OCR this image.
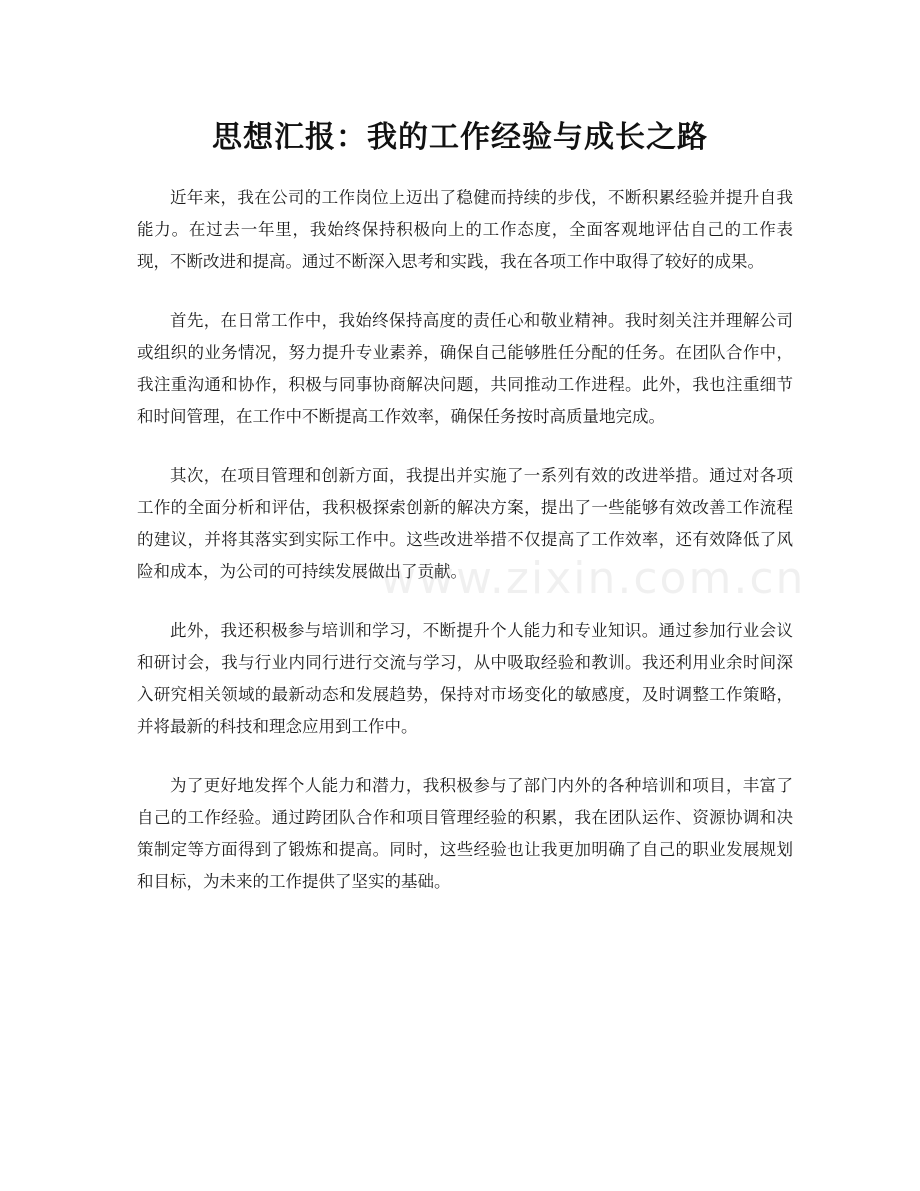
思想汇报：我的工作经验与成长之路

近年来，我在公司的工作岗位上迈出了稳健而持续的步伐，不断积累经验并提升自我能力。在过去一年里，我始终保持积极向上的工作态度，全面客观地评估自己的工作表现，不断改进和提高。通过不断深入思考和实践，我在各项工作中取得了较好的成果。

首先，在日常工作中，我始终保持高度的责任心和敬业精神。我时刻关注并理解公司或组织的业务情况，努力提升专业素养，确保自己能够胜任分配的任务。在团队合作中，我注重沟通和协作，积极与同事协商解决问题，共同推动工作进程。此外，我也注重细节和时间管理，在工作中不断提高工作效率，确保任务按时高质量地完成。

其次，在项目管理和创新方面，我提出并实施了一系列有效的改进举措。通过对各项工作的全面分析和评估，我积极探索创新的解决方案，提出了一些能够有效改善工作流程的建议，并将其落实到实际工作中。这些改进举措不仅提高了工作效率，还有效降低了风险和成本，为公司的可持续发展做出了贡献。

此外，我还积极参与培训和学习，不断提升个人能力和专业知识。通过参加行业会议和研讨会，我与行业内同行进行交流与学习，从中吸取经验和教训。我还利用业余时间深入研究相关领域的最新动态和发展趋势，保持对市场变化的敏感度，及时调整工作策略，并将最新的科技和理念应用到工作中。

为了更好地发挥个人能力和潜力，我积极参与了部门内外的各种培训和项目，丰富了自己的工作经验。通过跨团队合作和项目管理经验的积累，我在团队运作、资源协调和决策制定等方面得到了锻炼和提高。同时，这些经验也让我更加明确了自己的职业发展规划和目标，为未来的工作提供了坚实的基础。

www.zixin.com.cn
